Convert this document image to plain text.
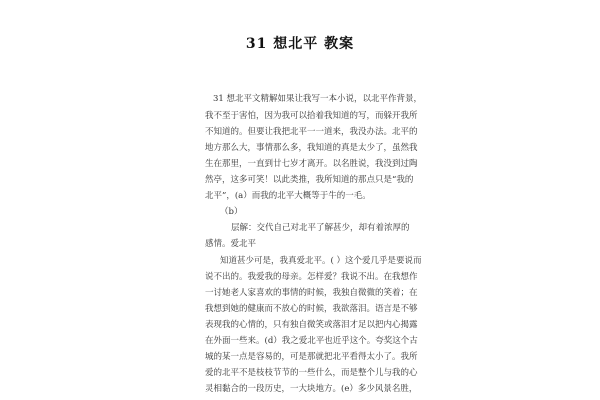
31 想北平 教案
31 想北平文精解如果让我写一本小说，以北平作背景，
我不至于害怕，因为我可以拾着我知道的写，而躲开我所
不知道的。但要让我把北平一一道来，我没办法。北平的
地方那么大，事情那么多，我知道的真是太少了，虽然我
生在那里，一直到廿七岁才离开。以名胜说，我没到过陶
然亭，这多可笑！以此类推，我所知道的那点只是“我的
北平”，(a）而我的北平大概等于牛的一毛。
（b）
层解：交代自己对北平了解甚少，却有着浓厚的
感情。爱北平
知道甚少可是，我真爱北平。( ）这个爱几乎是要说而
说不出的。我爱我的母亲。怎样爱？我说不出。在我想作
一讨她老人家喜欢的事情的时候，我独自微微的笑着；在
我想到她的健康而不放心的时候，我欲落泪。语言是不够
表现我的心情的，只有独自微笑或落泪才足以把内心揭露
在外面一些来。(d）我之爱北平也近乎这个。夸奖这个古
城的某一点是容易的，可是那就把北平看得太小了。我所
爱的北平不是枝枝节节的一些什么，而是整个儿与我的心
灵相黏合的一段历史，一大块地方。(e）多少风景名胜，
